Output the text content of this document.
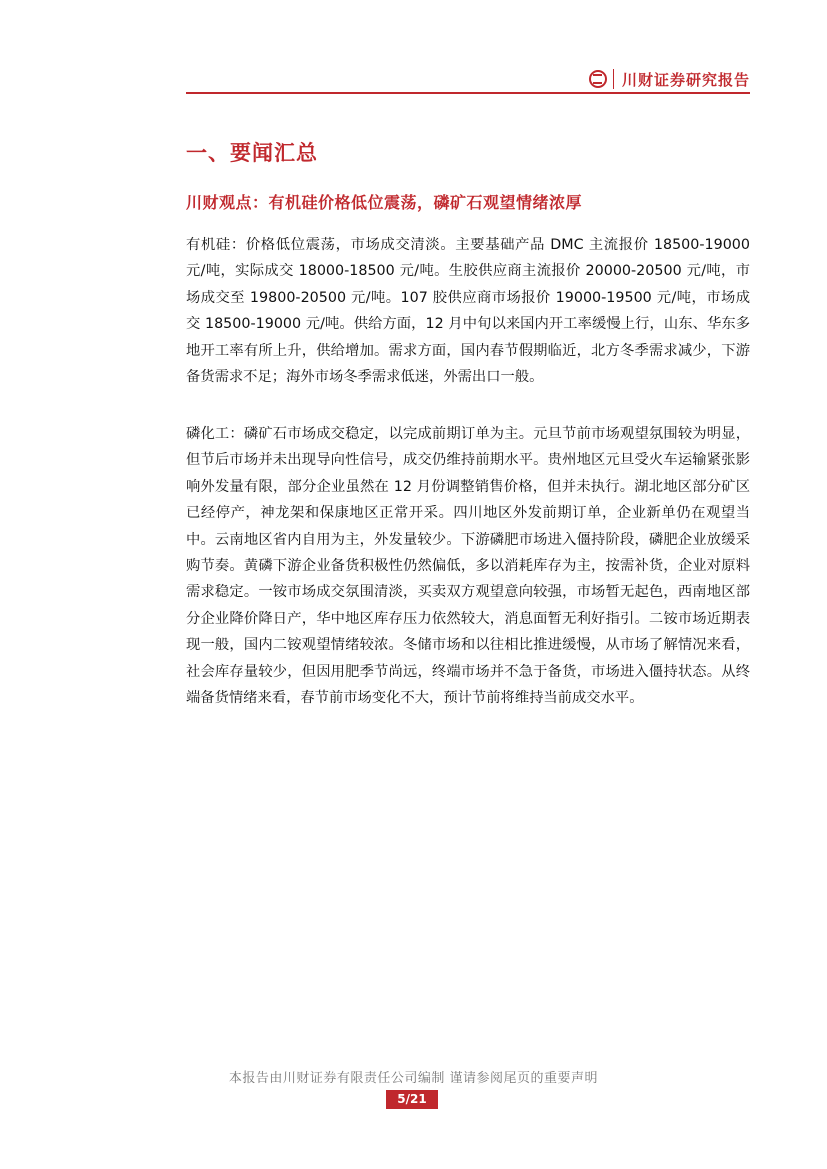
川财证券研究报告
一、要闻汇总
川财观点：有机硅价格低位震荡，磷矿石观望情绪浓厚

有机硅：价格低位震荡，市场成交清淡。主要基础产品 DMC 主流报价 18500-19000 元/吨，实际成交 18000-18500 元/吨。生胶供应商主流报价 20000-20500 元/吨，市场成交至 19800-20500 元/吨。107 胶供应商市场报价 19000-19500 元/吨，市场成交 18500-19000 元/吨。供给方面，12 月中旬以来国内开工率缓慢上行，山东、华东多地开工率有所上升，供给增加。需求方面，国内春节假期临近，北方冬季需求减少，下游备货需求不足；海外市场冬季需求低迷，外需出口一般。

磷化工：磷矿石市场成交稳定，以完成前期订单为主。元旦节前市场观望氛围较为明显，但节后市场并未出现导向性信号，成交仍维持前期水平。贵州地区元旦受火车运输紧张影响外发量有限，部分企业虽然在 12 月份调整销售价格，但并未执行。湖北地区部分矿区已经停产，神龙架和保康地区正常开采。四川地区外发前期订单，企业新单仍在观望当中。云南地区省内自用为主，外发量较少。下游磷肥市场进入僵持阶段，磷肥企业放缓采购节奏。黄磷下游企业备货积极性仍然偏低，多以消耗库存为主，按需补货，企业对原料需求稳定。一铵市场成交氛围清淡，买卖双方观望意向较强，市场暂无起色，西南地区部分企业降价降日产，华中地区库存压力依然较大，消息面暂无利好指引。二铵市场近期表现一般，国内二铵观望情绪较浓。冬储市场和以往相比推进缓慢，从市场了解情况来看，社会库存量较少，但因用肥季节尚远，终端市场并不急于备货，市场进入僵持状态。从终端备货情绪来看，春节前市场变化不大，预计节前将维持当前成交水平。

本报告由川财证券有限责任公司编制 谨请参阅尾页的重要声明
5/21
